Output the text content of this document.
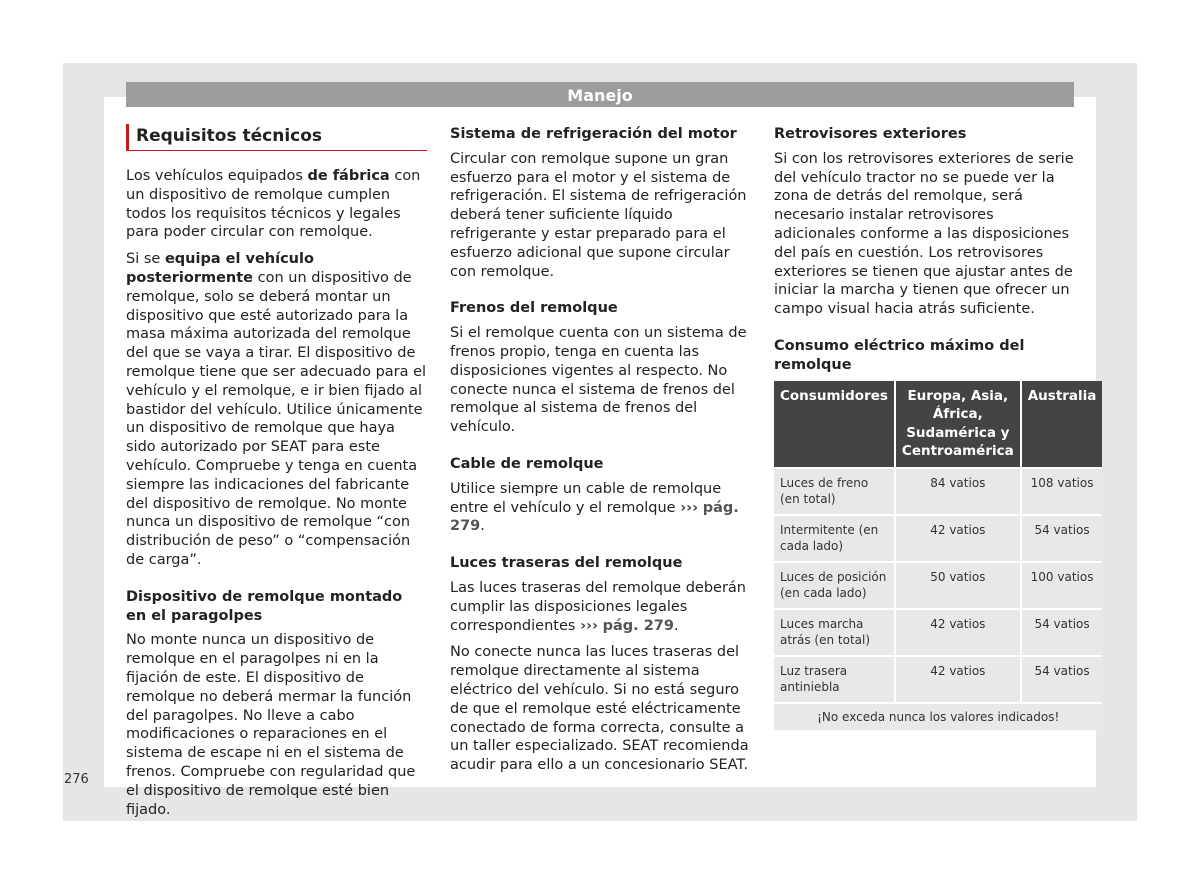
Manejo
Requisitos técnicos

Los vehículos equipados de fábrica con un dispositivo de remolque cumplen todos los requisitos técnicos y legales para poder circular con remolque.

Si se equipa el vehículo posteriormente con un dispositivo de remolque, solo se deberá montar un dispositivo que esté autorizado para la masa máxima autorizada del remolque del que se vaya a tirar. El dispositivo de remolque tiene que ser adecuado para el vehículo y el remolque, e ir bien fijado al bastidor del vehículo. Utilice únicamente un dispositivo de remolque que haya sido autorizado por SEAT para este vehículo. Compruebe y tenga en cuenta siempre las indicaciones del fabricante del dispositivo de remolque. No monte nunca un dispositivo de remolque “con distribución de peso” o “compensación de carga”.

Dispositivo de remolque montado en el paragolpes

No monte nunca un dispositivo de remolque en el paragolpes ni en la fijación de este. El dispositivo de remolque no deberá mermar la función del paragolpes. No lleve a cabo modificaciones o reparaciones en el sistema de escape ni en el sistema de frenos. Compruebe con regularidad que el dispositivo de remolque esté bien fijado.

Sistema de refrigeración del motor

Circular con remolque supone un gran esfuerzo para el motor y el sistema de refrigeración. El sistema de refrigeración deberá tener suficiente líquido refrigerante y estar preparado para el esfuerzo adicional que supone circular con remolque.

Frenos del remolque

Si el remolque cuenta con un sistema de frenos propio, tenga en cuenta las disposiciones vigentes al respecto. No conecte nunca el sistema de frenos del remolque al sistema de frenos del vehículo.

Cable de remolque

Utilice siempre un cable de remolque entre el vehículo y el remolque ››› pág. 279.

Luces traseras del remolque

Las luces traseras del remolque deberán cumplir las disposiciones legales correspondientes ››› pág. 279.

No conecte nunca las luces traseras del remolque directamente al sistema eléctrico del vehículo. Si no está seguro de que el remolque esté eléctricamente conectado de forma correcta, consulte a un taller especializado. SEAT recomienda acudir para ello a un concesionario SEAT.

Retrovisores exteriores

Si con los retrovisores exteriores de serie del vehículo tractor no se puede ver la zona de detrás del remolque, será necesario instalar retrovisores adicionales conforme a las disposiciones del país en cuestión. Los retrovisores exteriores se tienen que ajustar antes de iniciar la marcha y tienen que ofrecer un campo visual hacia atrás suficiente.

Consumo eléctrico máximo del remolque
Consumidores	Europa, Asia, África, Sudamérica y Centroamérica	Australia
Luces de freno (en total)	84 vatios	108 vatios
Intermitente (en cada lado)	42 vatios	54 vatios
Luces de posición (en cada lado)	50 vatios	100 vatios
Luces marcha atrás (en total)	42 vatios	54 vatios
Luz trasera antiniebla	42 vatios	54 vatios
¡No exceda nunca los valores indicados!		
276
